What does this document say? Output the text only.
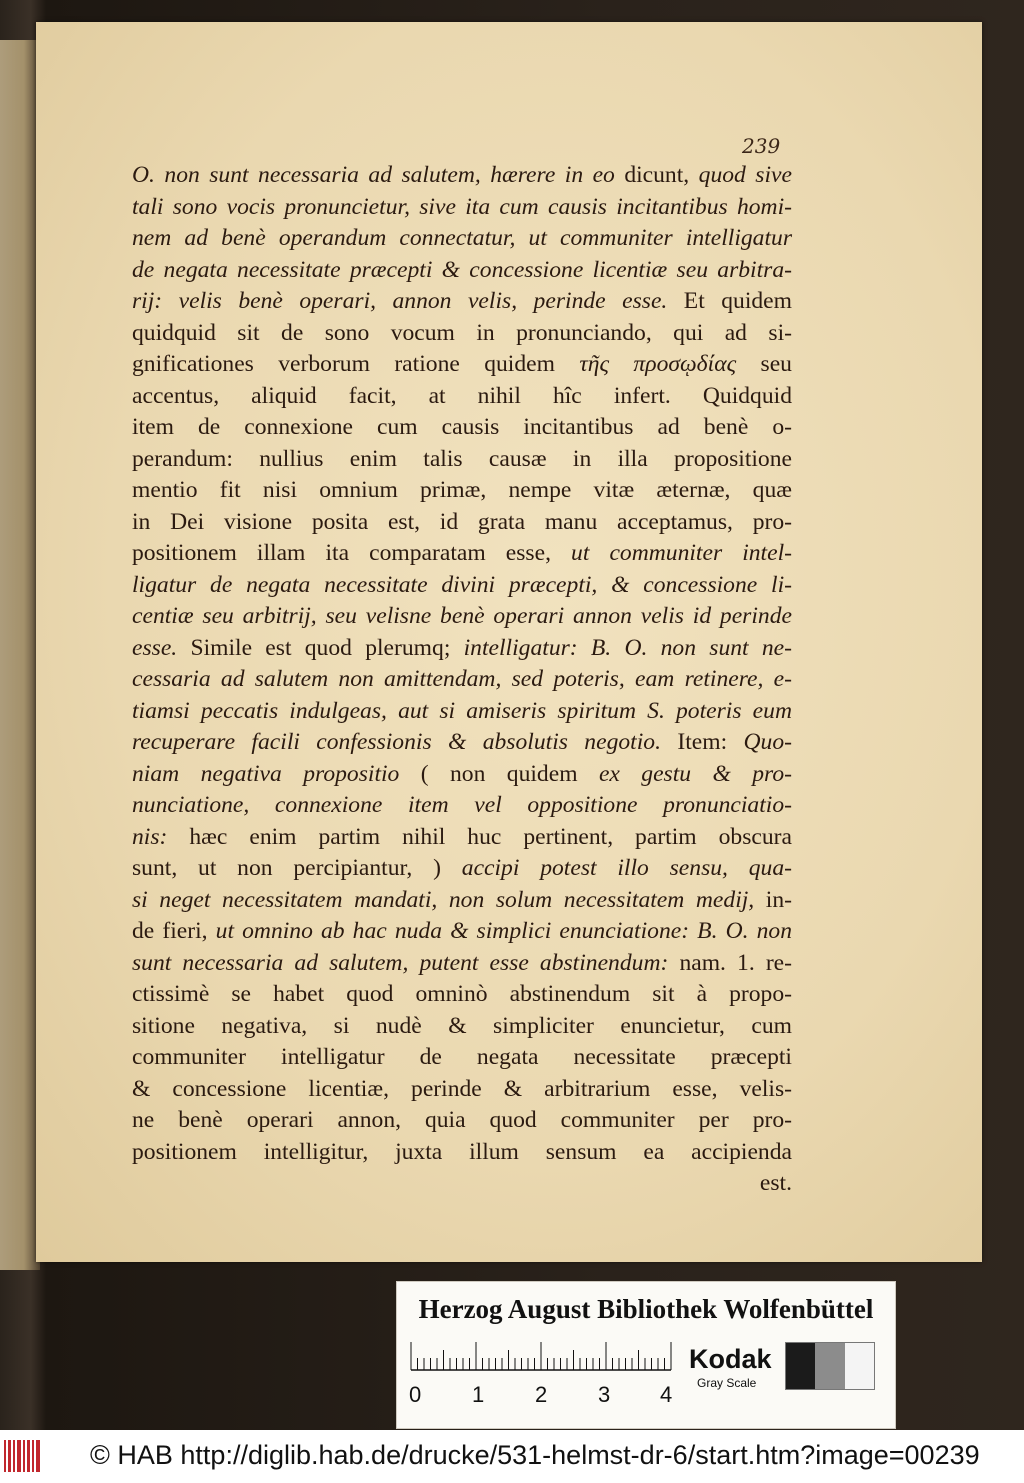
239
O. non sunt necessaria ad salutem, hærere in eo dicunt, quod sive
tali sono vocis pronuncietur, sive ita cum causis incitantibus homi-
nem ad benè operandum connectatur, ut communiter intelligatur
de negata necessitate præcepti & concessione licentiæ seu arbitra-
rij: velis benè operari, annon velis, perinde esse. Et quidem
quidquid sit de sono vocum in pronunciando, qui ad si-
gnificationes verborum ratione quidem τῆς προσῳδίας seu
accentus, aliquid facit, at nihil hîc infert. Quidquid
item de connexione cum causis incitantibus ad benè o-
perandum: nullius enim talis causæ in illa propositione
mentio fit nisi omnium primæ, nempe vitæ æternæ, quæ
in Dei visione posita est, id grata manu acceptamus, pro-
positionem illam ita comparatam esse, ut communiter intel-
ligatur de negata necessitate divini præcepti, & concessione li-
centiæ seu arbitrij, seu velisne benè operari annon velis id perinde
esse. Simile est quod plerumq; intelligatur: B. O. non sunt ne-
cessaria ad salutem non amittendam, sed poteris, eam retinere, e-
tiamsi peccatis indulgeas, aut si amiseris spiritum S. poteris eum
recuperare facili confessionis & absolutis negotio. Item: Quo-
niam negativa propositio ( non quidem ex gestu & pro-
nunciatione, connexione item vel oppositione pronunciatio-
nis: hæc enim partim nihil huc pertinent, partim obscura
sunt, ut non percipiantur, ) accipi potest illo sensu, qua-
si neget necessitatem mandati, non solum necessitatem medij, in-
de fieri, ut omnino ab hac nuda & simplici enunciatione: B. O. non
sunt necessaria ad salutem, putent esse abstinendum: nam. 1. re-
ctissimè se habet quod omninò abstinendum sit à propo-
sitione negativa, si nudè & simpliciter enuncietur, cum
communiter intelligatur de negata necessitate præcepti
& concessione licentiæ, perinde & arbitrarium esse, velis-
ne benè operari annon, quia quod communiter per pro-
positionem intelligitur, juxta illum sensum ea accipienda
est.
Herzog August Bibliothek Wolfenbüttel
0 1 2 3 4
Kodak
Gray Scale
© HAB http://diglib.hab.de/drucke/531-helmst-dr-6/start.htm?image=00239
